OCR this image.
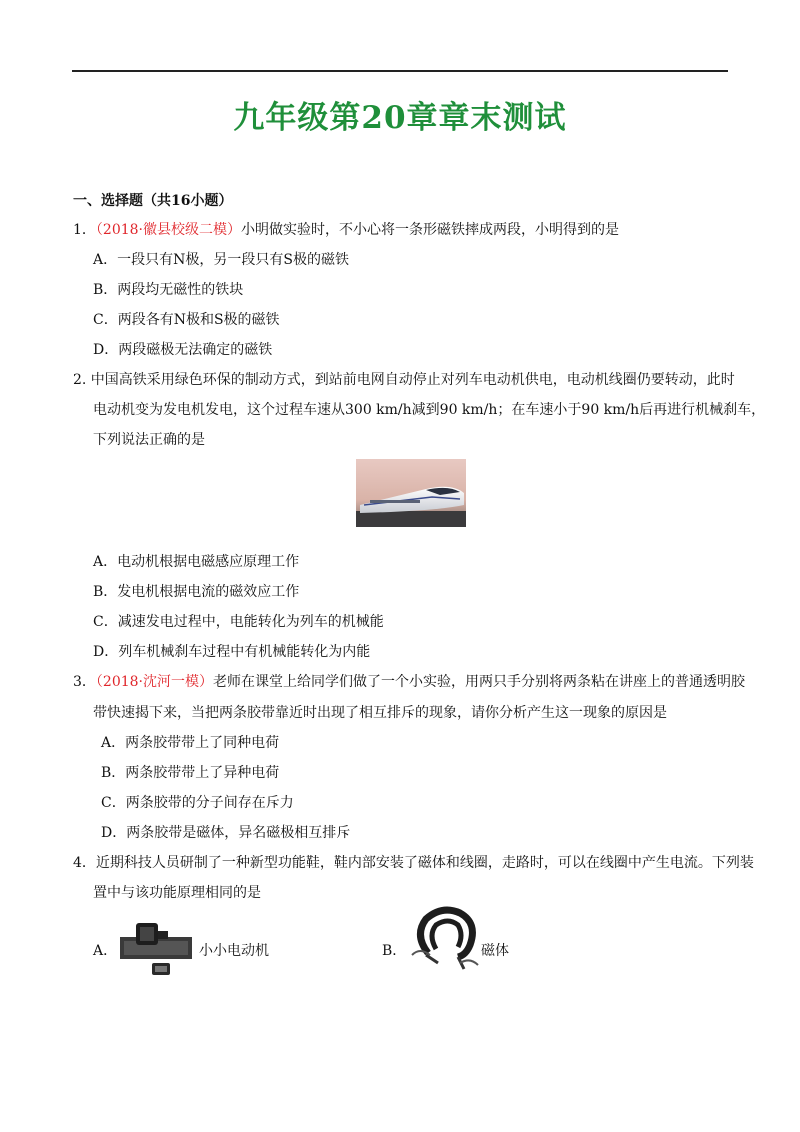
九年级第20章章末测试
一、选择题（共16小题）
1．（2018·徽县校级二模）小明做实验时，不小心将一条形磁铁摔成两段，小明得到的是
A．一段只有N极，另一段只有S极的磁铁
B．两段均无磁性的铁块
C．两段各有N极和S极的磁铁
D．两段磁极无法确定的磁铁
2. 中国高铁采用绿色环保的制动方式，到站前电网自动停止对列车电动机供电，电动机线圈仍要转动，此时
电动机变为发电机发电，这个过程车速从300 km/h减到90 km/h；在车速小于90 km/h后再进行机械刹车，
下列说法正确的是
A．电动机根据电磁感应原理工作
B．发电机根据电流的磁效应工作
C．减速发电过程中，电能转化为列车的机械能
D．列车机械刹车过程中有机械能转化为内能
3．（2018·沈河一模）老师在课堂上给同学们做了一个小实验，用两只手分别将两条粘在讲座上的普通透明胶
带快速揭下来，当把两条胶带靠近时出现了相互排斥的现象，请你分析产生这一现象的原因是
A．两条胶带带上了同种电荷
B．两条胶带带上了异种电荷
C．两条胶带的分子间存在斥力
D．两条胶带是磁体，异名磁极相互排斥
4．近期科技人员研制了一种新型功能鞋，鞋内部安装了磁体和线圈，走路时，可以在线圈中产生电流。下列装
置中与该功能原理相同的是
A．	小小电动机	B．	磁体
